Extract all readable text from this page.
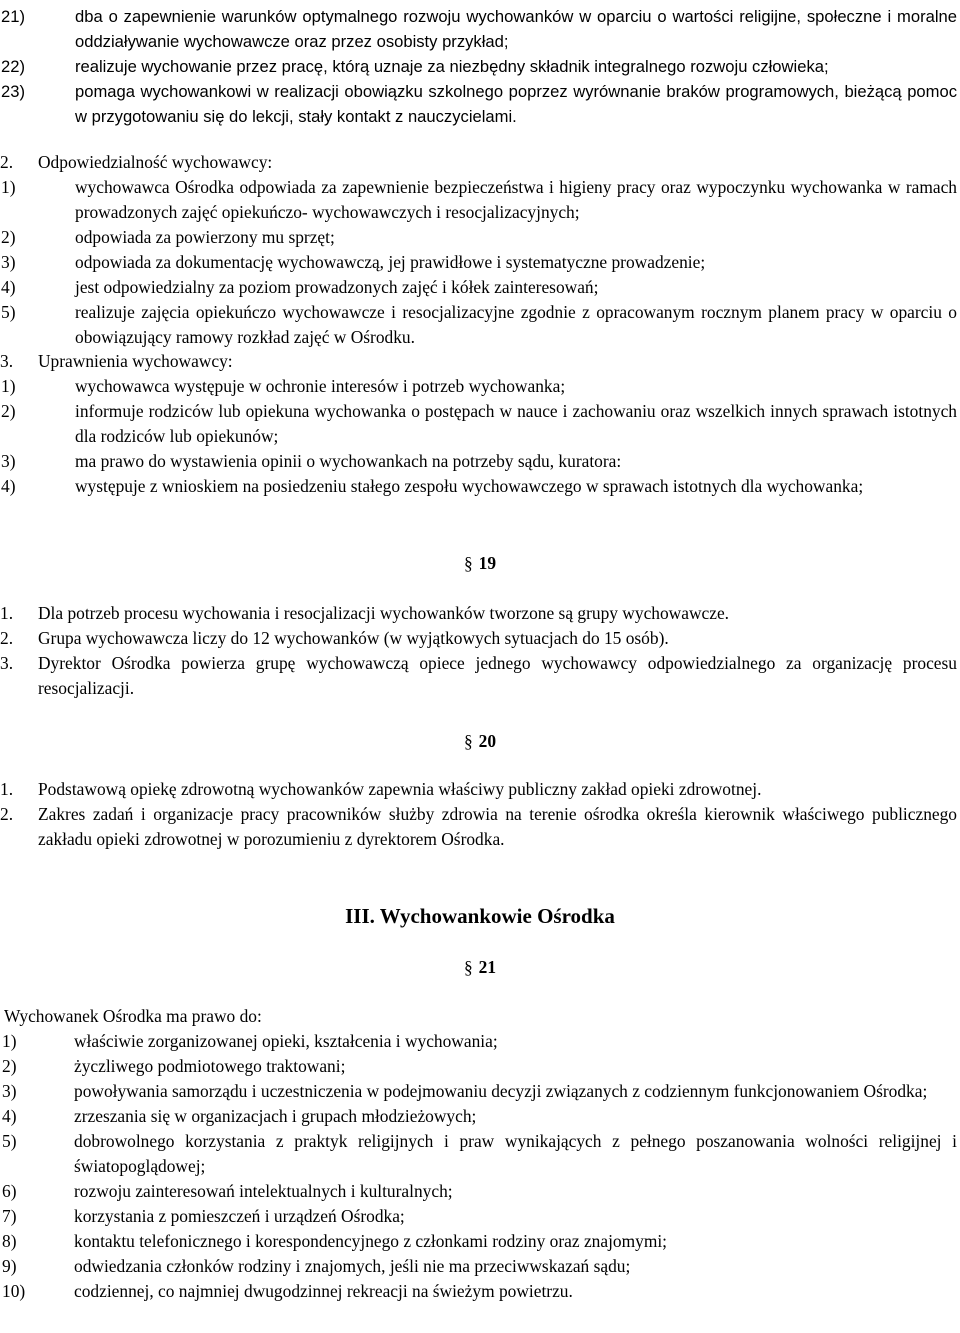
21)	dba o zapewnienie warunków optymalnego rozwoju wychowanków w oparciu o wartości religijne, społeczne i moralne oddziaływanie wychowawcze oraz przez osobisty przykład;
22)	realizuje wychowanie przez pracę, którą uznaje za niezbędny składnik integralnego rozwoju człowieka;
23)	pomaga wychowankowi w realizacji obowiązku szkolnego poprzez wyrównanie braków programowych, bieżącą pomoc w przygotowaniu się do lekcji, stały kontakt z nauczycielami.
2. Odpowiedzialność wychowawcy:
1)	wychowawca Ośrodka odpowiada za zapewnienie bezpieczeństwa i higieny pracy oraz wypoczynku wychowanka w ramach prowadzonych zajęć opiekuńczo- wychowawczych i resocjalizacyjnych;
2)	odpowiada za powierzony mu sprzęt;
3)	odpowiada za dokumentację wychowawczą, jej prawidłowe i systematyczne prowadzenie;
4)	jest odpowiedzialny za poziom prowadzonych zajęć i kółek zainteresowań;
5)	realizuje zajęcia opiekuńczo wychowawcze i resocjalizacyjne zgodnie z opracowanym rocznym planem pracy w oparciu o obowiązujący ramowy rozkład zajęć w Ośrodku.
3. Uprawnienia wychowawcy:
1)	wychowawca występuje w ochronie interesów i potrzeb wychowanka;
2)	informuje rodziców lub opiekuna wychowanka o postępach w nauce i zachowaniu oraz wszelkich innych sprawach istotnych dla rodziców lub opiekunów;
3)	ma prawo do wystawienia opinii o wychowankach na potrzeby sądu, kuratora:
4)	występuje z wnioskiem na posiedzeniu stałego zespołu wychowawczego w sprawach istotnych dla wychowanka;
§ 19
1. Dla potrzeb procesu wychowania i resocjalizacji wychowanków tworzone są grupy wychowawcze.
2. Grupa wychowawcza liczy do 12 wychowanków (w wyjątkowych sytuacjach do 15 osób).
3. Dyrektor Ośrodka powierza grupę wychowawczą opiece jednego wychowawcy odpowiedzialnego za organizację procesu resocjalizacji.
§ 20
1. Podstawową opiekę zdrowotną wychowanków zapewnia właściwy publiczny zakład opieki zdrowotnej.
2. Zakres zadań i organizacje pracy pracowników służby zdrowia na terenie ośrodka określa kierownik właściwego publicznego zakładu opieki zdrowotnej w porozumieniu z dyrektorem Ośrodka.
III. Wychowankowie Ośrodka
§ 21
Wychowanek Ośrodka ma prawo do:
1)	właściwie zorganizowanej opieki, kształcenia i wychowania;
2)	życzliwego podmiotowego traktowani;
3)	powoływania samorządu i uczestniczenia w podejmowaniu decyzji związanych z codziennym funkcjonowaniem Ośrodka;
4)	zrzeszania się w organizacjach i grupach młodzieżowych;
5)	dobrowolnego korzystania z praktyk religijnych i praw wynikających z pełnego poszanowania wolności religijnej i światopoglądowej;
6)	rozwoju zainteresowań intelektualnych i kulturalnych;
7)	korzystania z pomieszczeń i urządzeń Ośrodka;
8)	kontaktu telefonicznego i korespondencyjnego z członkami rodziny oraz znajomymi;
9)	odwiedzania członków rodziny i znajomych, jeśli nie ma przeciwwskazań sądu;
10)	codziennej, co najmniej dwugodzinnej rekreacji na świeżym powietrzu.
